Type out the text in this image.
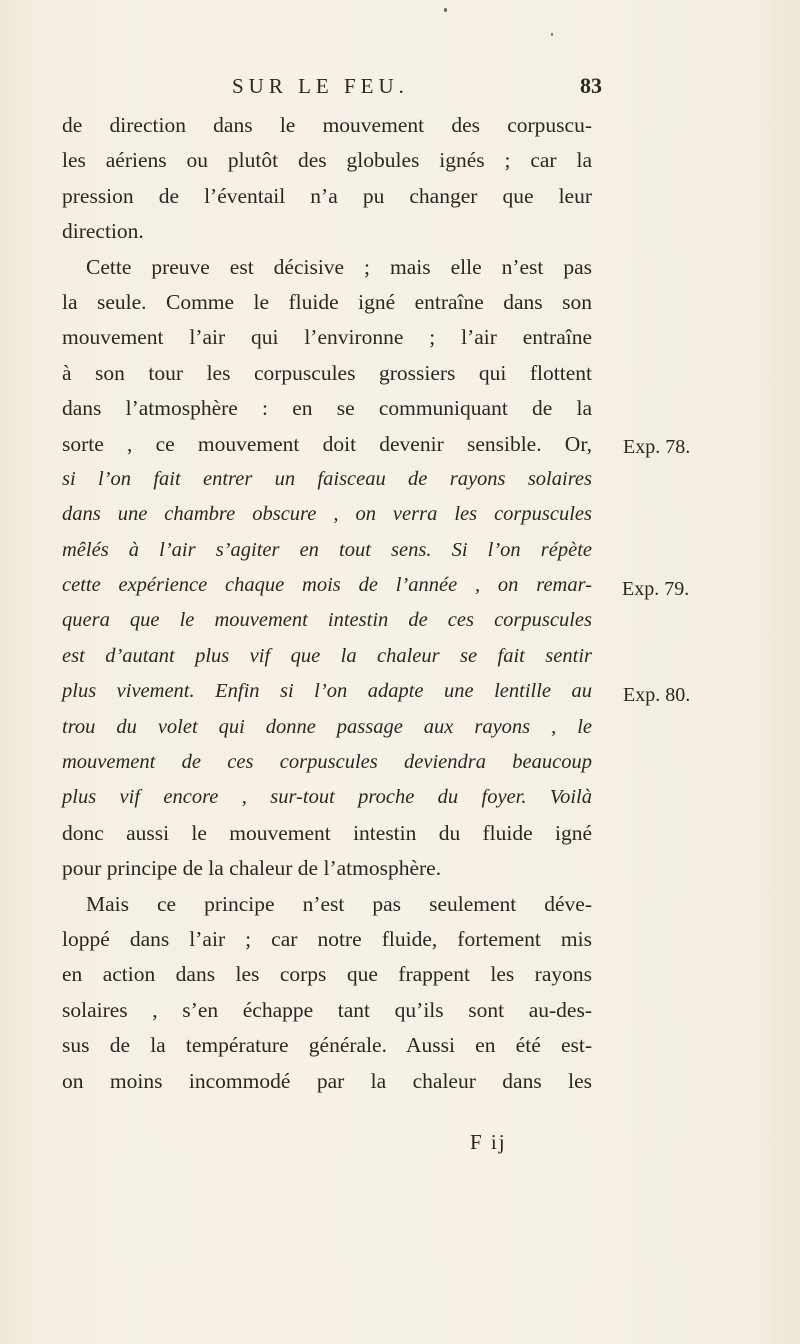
SUR LE FEU.	83
de direction dans le mouvement des corpuscu-
les aériens ou plutôt des globules ignés ; car la
pression de l’éventail n’a pu changer que leur
direction.
Cette preuve est décisive ; mais elle n’est pas
la seule. Comme le fluide igné entraîne dans son
mouvement l’air qui l’environne ; l’air entraîne
à son tour les corpuscules grossiers qui flottent
dans l’atmosphère : en se communiquant de la
sorte , ce mouvement doit devenir sensible. Or,
si l’on fait entrer un faisceau de rayons solaires
dans une chambre obscure , on verra les corpuscules
mêlés à l’air s’agiter en tout sens. Si l’on répète
cette expérience chaque mois de l’année , on remar-
quera que le mouvement intestin de ces corpuscules
est d’autant plus vif que la chaleur se fait sentir
plus vivement. Enfin si l’on adapte une lentille au
trou du volet qui donne passage aux rayons , le
mouvement de ces corpuscules deviendra beaucoup
plus vif encore , sur-tout proche du foyer. Voilà
donc aussi le mouvement intestin du fluide igné
pour principe de la chaleur de l’atmosphère.
Mais ce principe n’est pas seulement déve-
loppé dans l’air ; car notre fluide, fortement mis
en action dans les corps que frappent les rayons
solaires , s’en échappe tant qu’ils sont au-des-
sus de la température générale. Aussi en été est-
on moins incommodé par la chaleur dans les
Exp. 78.
Exp. 79.
Exp. 80.
F ij
